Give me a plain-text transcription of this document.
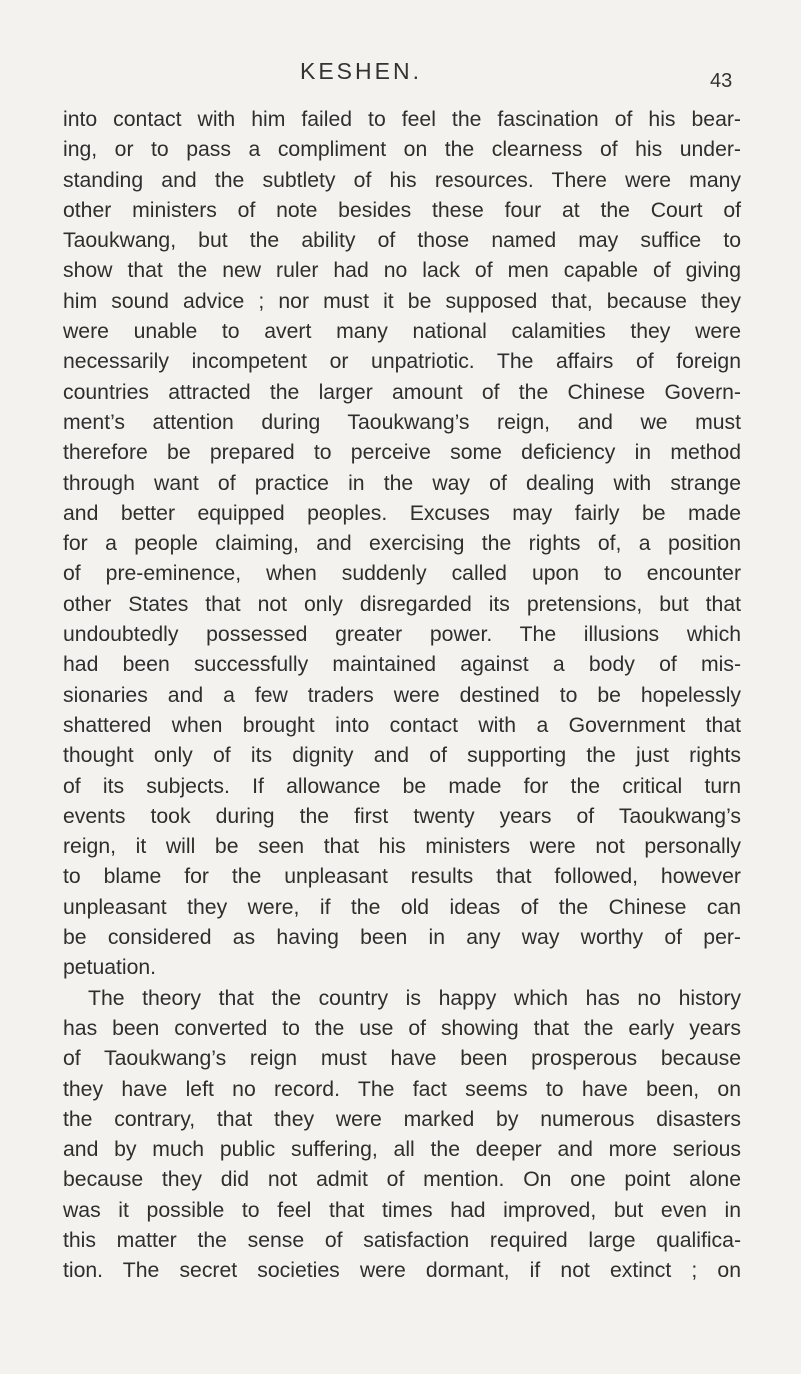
KESHEN.	43
into contact with him failed to feel the fascination of his bear-
ing, or to pass a compliment on the clearness of his under-
standing and the subtlety of his resources. There were many
other ministers of note besides these four at the Court of
Taoukwang, but the ability of those named may suffice to
show that the new ruler had no lack of men capable of giving
him sound advice ; nor must it be supposed that, because they
were unable to avert many national calamities they were
necessarily incompetent or unpatriotic. The affairs of foreign
countries attracted the larger amount of the Chinese Govern-
ment’s attention during Taoukwang’s reign, and we must
therefore be prepared to perceive some deficiency in method
through want of practice in the way of dealing with strange
and better equipped peoples. Excuses may fairly be made
for a people claiming, and exercising the rights of, a position
of pre-eminence, when suddenly called upon to encounter
other States that not only disregarded its pretensions, but that
undoubtedly possessed greater power. The illusions which
had been successfully maintained against a body of mis-
sionaries and a few traders were destined to be hopelessly
shattered when brought into contact with a Government that
thought only of its dignity and of supporting the just rights
of its subjects. If allowance be made for the critical turn
events took during the first twenty years of Taoukwang’s
reign, it will be seen that his ministers were not personally
to blame for the unpleasant results that followed, however
unpleasant they were, if the old ideas of the Chinese can
be considered as having been in any way worthy of per-
petuation.
The theory that the country is happy which has no history
has been converted to the use of showing that the early years
of Taoukwang’s reign must have been prosperous because
they have left no record. The fact seems to have been, on
the contrary, that they were marked by numerous disasters
and by much public suffering, all the deeper and more serious
because they did not admit of mention. On one point alone
was it possible to feel that times had improved, but even in
this matter the sense of satisfaction required large qualifica-
tion. The secret societies were dormant, if not extinct ; on
